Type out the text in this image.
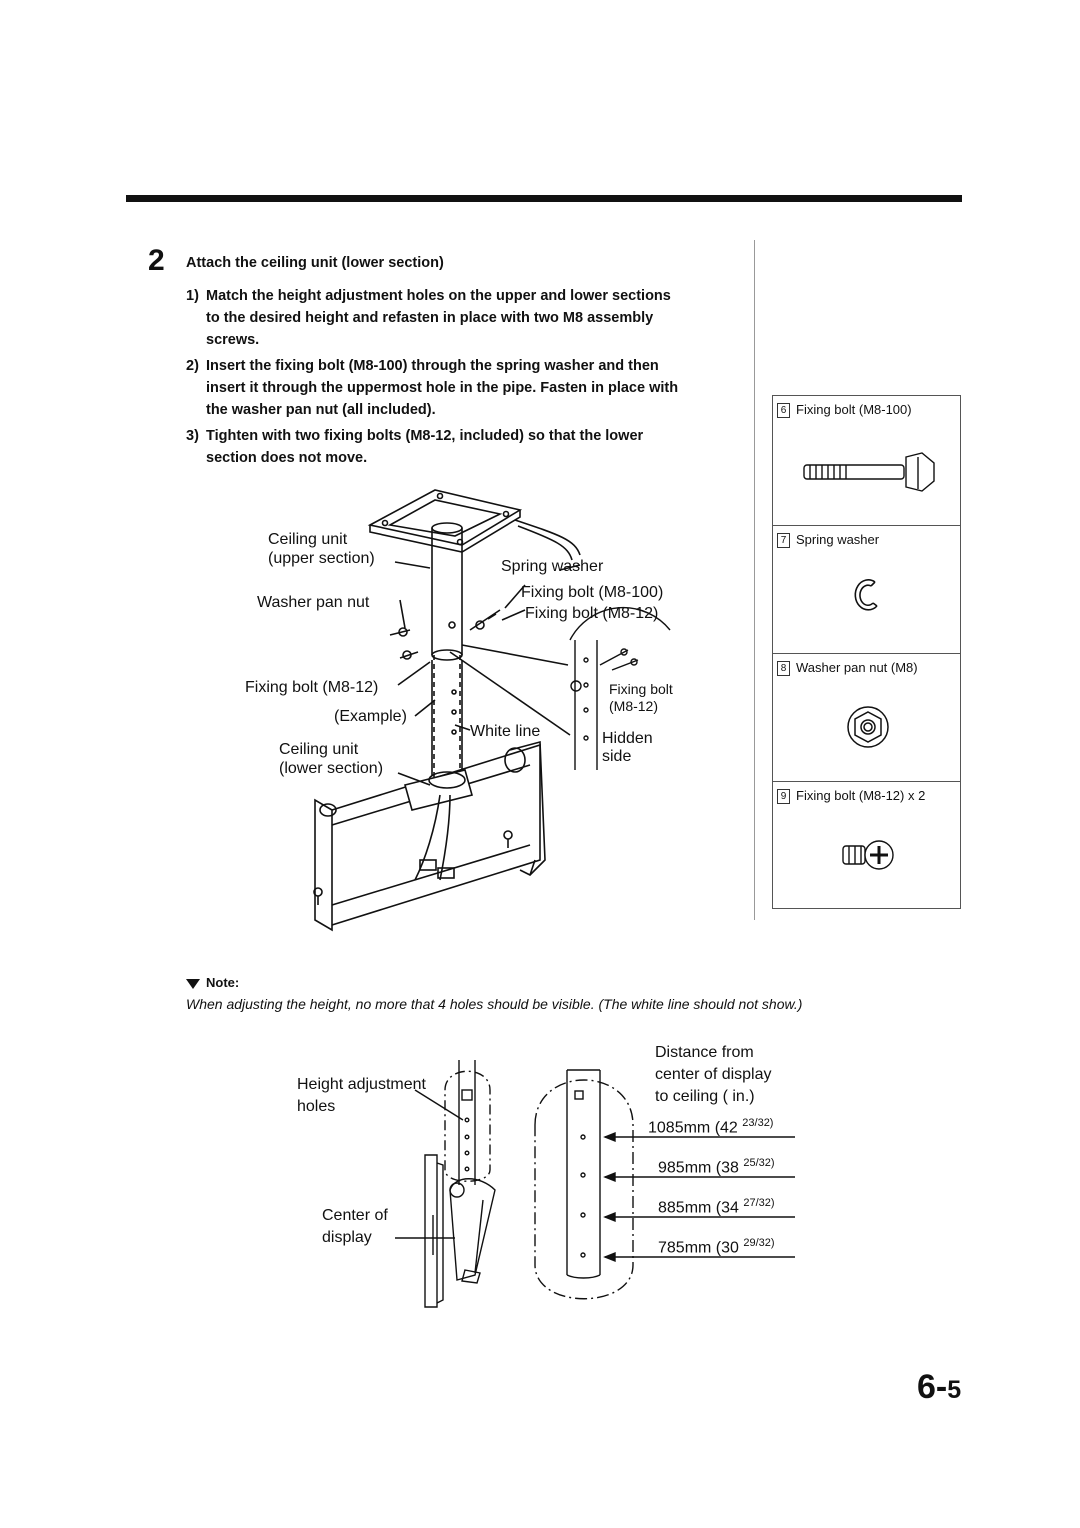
2 Attach the ceiling unit (lower section)
1) Match the height adjustment holes on the upper and lower sections
to the desired height and refasten in place with two M8 assembly
screws.
2) Insert the fixing bolt (M8-100) through the spring washer and then
insert it through the uppermost hole in the pipe. Fasten in place with
the washer pan nut (all included).
3) Tighten with two fixing bolts (M8-12, included) so that the lower
section does not move.
Ceiling unit
(upper section)
Washer pan nut
Spring washer
Fixing bolt (M8-100)
Fixing bolt (M8-12)
Fixing bolt (M8-12)
(Example)
White line
Ceiling unit
(lower section)
Fixing bolt
(M8-12)
Hidden
side
6 Fixing bolt (M8-100)
7 Spring washer
8 Washer pan nut (M8)
9 Fixing bolt (M8-12) x 2
Note:
When adjusting the height, no more that 4 holes should be visible. (The white line should not show.)
Height adjustment
holes
Center of
display
Distance from
center of display
to ceiling ( in.)
1085mm (42 $^{23/32)}$
985mm (38 $^{25/32)}$
885mm (34 $^{27/32)}$
785mm (30 $^{29/32)}$
6-5
